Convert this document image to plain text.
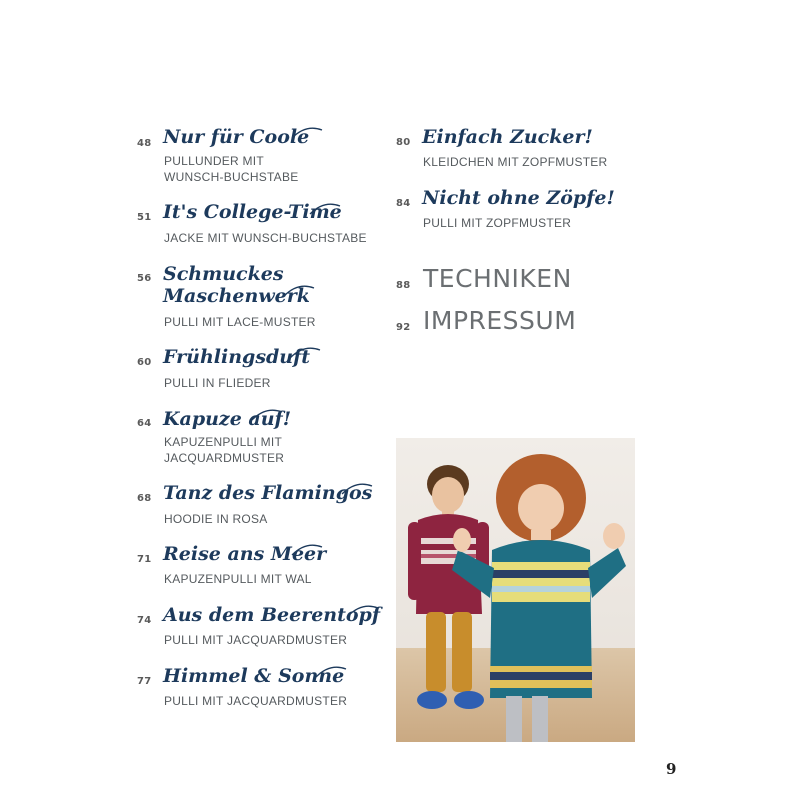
48 Nur für Coole
PULLUNDER MIT
WUNSCH-BUCHSTABE
51 It's College-Time
JACKE MIT WUNSCH-BUCHSTABE
56 Schmuckes
Maschenwerk
PULLI MIT LACE-MUSTER
60 Frühlingsduft
PULLI IN FLIEDER
64 Kapuze auf!
KAPUZENPULLI MIT
JACQUARDMUSTER
68 Tanz des Flamingos
HOODIE IN ROSA
71 Reise ans Meer
KAPUZENPULLI MIT WAL
74 Aus dem Beerentopf
PULLI MIT JACQUARDMUSTER
77 Himmel & Sonne
PULLI MIT JACQUARDMUSTER
80 Einfach Zucker!
KLEIDCHEN MIT ZOPFMUSTER
84 Nicht ohne Zöpfe!
PULLI MIT ZOPFMUSTER
88 TECHNIKEN
92 IMPRESSUM
9
